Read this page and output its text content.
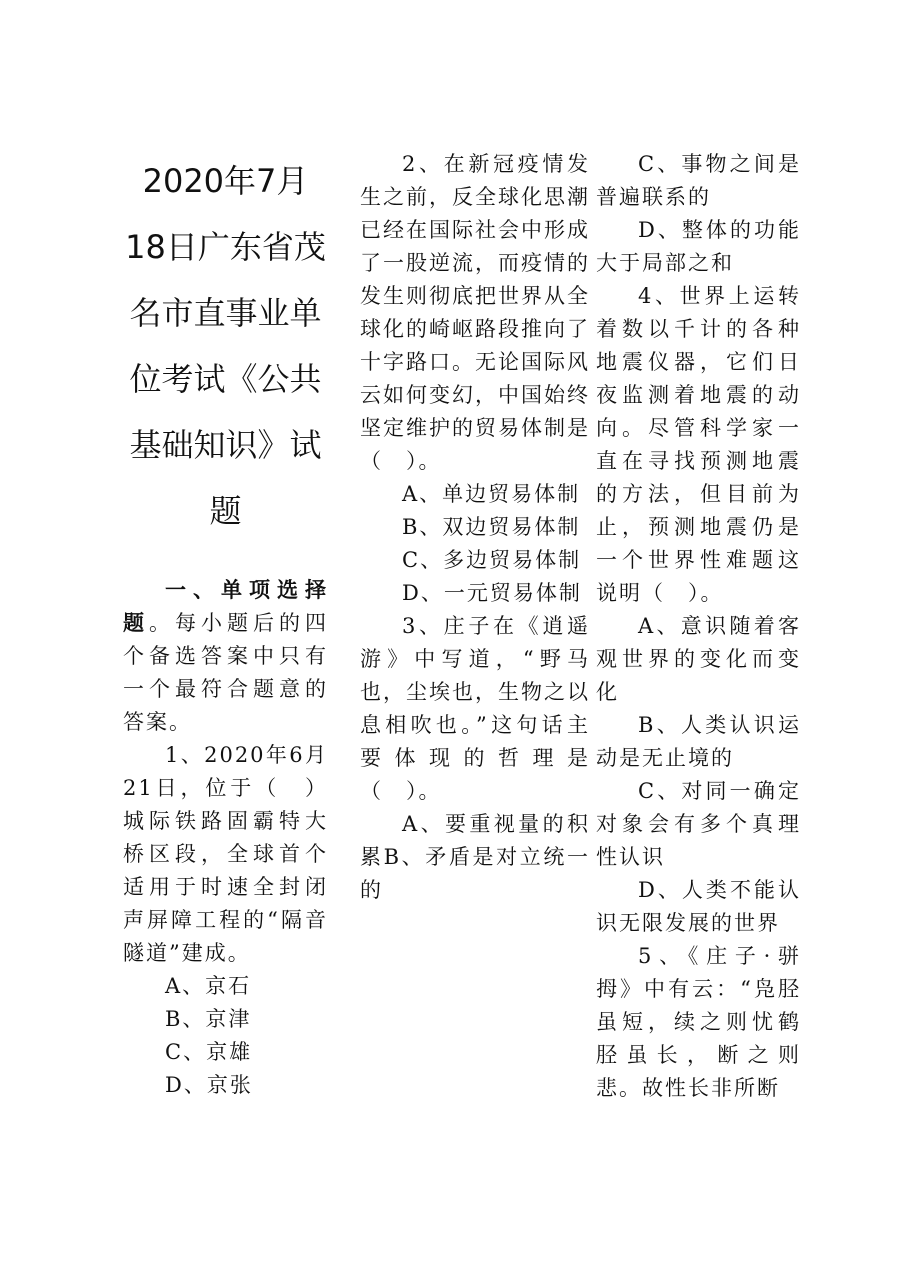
2020年7月18日广东省茂名市直事业单位考试《公共基础知识》试题

一、单项选择题。每小题后的四个备选答案中只有一个最符合题意的答案。

1、2020年6月21日，位于（　）城际铁路固霸特大桥区段，全球首个适用于时速全封闭声屏障工程的“隔音隧道”建成。

A、京石

B、京津

C、京雄

D、京张

2、在新冠疫情发生之前，反全球化思潮已经在国际社会中形成了一股逆流，而疫情的发生则彻底把世界从全球化的崎岖路段推向了十字路口。无论国际风云如何变幻，中国始终坚定维护的贸易体制是（　）。

A、单边贸易体制

B、双边贸易体制

C、多边贸易体制

D、一元贸易体制

3、庄子在《逍遥游》中写道，“野马也，尘埃也，生物之以息相吹也。”这句话主要体现的哲理是（　）。

A、要重视量的积累B、矛盾是对立统一的

C、事物之间是普遍联系的

D、整体的功能大于局部之和

4、世界上运转着数以千计的各种地震仪器，它们日夜监测着地震的动向。尽管科学家一直在寻找预测地震的方法，但目前为止，预测地震仍是一个世界性难题这说明（　）。

A、意识随着客观世界的变化而变化

B、人类认识运动是无止境的

C、对同一确定对象会有多个真理性认识

D、人类不能认识无限发展的世界

5、《庄子·骈拇》中有云：“凫胫虽短，续之则忧鹤胫虽长，断之则悲。故性长非所断
